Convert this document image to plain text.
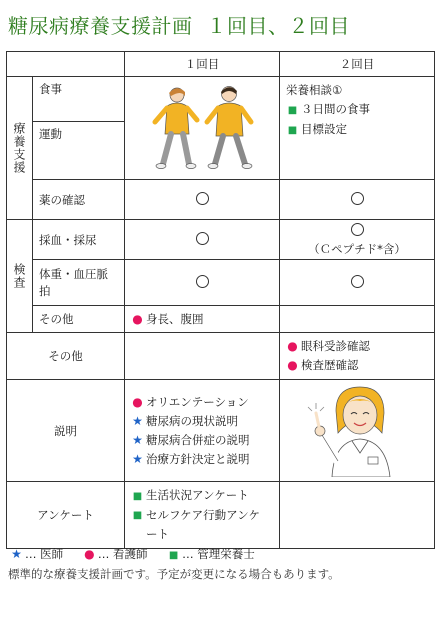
糖尿病療養支援計画 １回目、２回目
		１回目	２回目

療養支援	食事		栄養相談①
■ ３日間の食事
■ 目標設定

	運動		
	薬の確認		

検査	採血・採尿		（Ｃペプチド*含）

	体重・血圧脈拍		
	その他	● 身長、腹囲	
その他			● 眼科受診確認
● 検査歴確認

説明		● オリエンテーション
★ 糖尿病の現状説明
★ 糖尿病合併症の説明
★ 治療方針決定と説明

アンケート		■ 生活状況アンケート
■ セルフケア行動アンケート	

★ … 医師 ● … 看護師 ■ … 管理栄養士
標準的な療養支援計画です。予定が変更になる場合もあります。
